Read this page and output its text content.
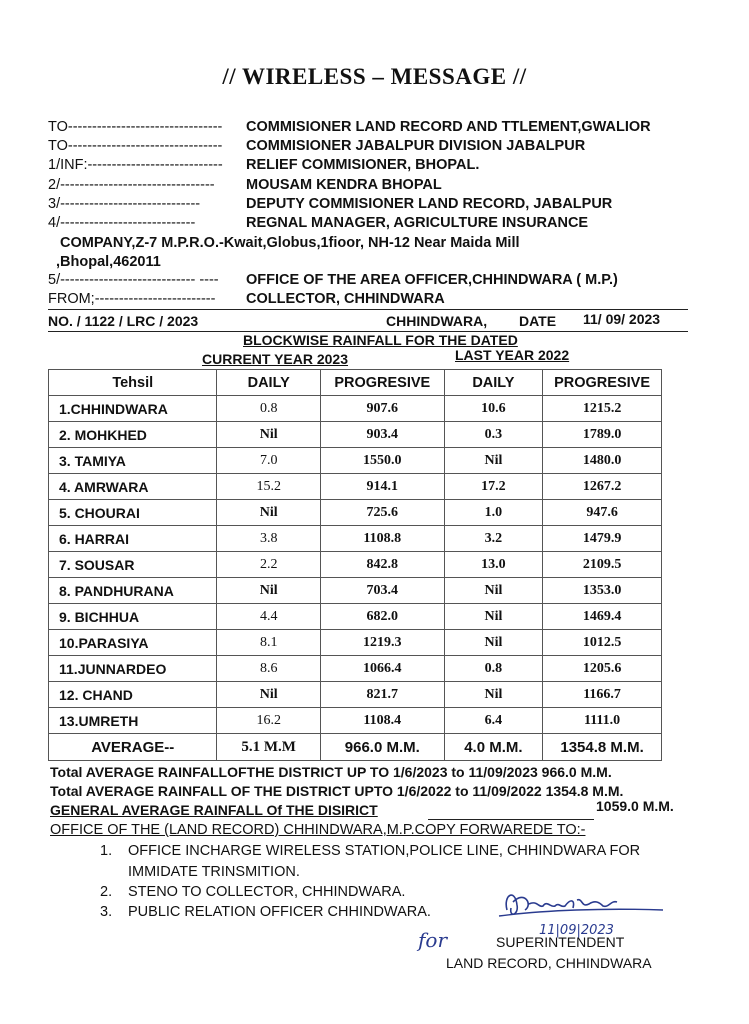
// WIRELESS – MESSAGE //
TO-------------------------------- COMMISIONER LAND RECORD AND TTLEMENT,GWALIOR
TO-------------------------------- COMMISIONER JABALPUR DIVISION JABALPUR
1/INF:---------------------------- RELIEF COMMISIONER, BHOPAL.
2/-------------------------------- MOUSAM KENDRA BHOPAL
3/-----------------------------	DEPUTY COMMISIONER LAND RECORD, JABALPUR
4/----------------------------	REGNAL MANAGER, AGRICULTURE INSURANCE
COMPANY,Z-7 M.P.R.O.-Kwait,Globus,1fioor, NH-12 Near Maida Mill
,Bhopal,462011
5/---------------------------- ---- OFFICE OF THE AREA OFFICER,CHHINDWARA ( M.P.)
FROM;------------------------- COLLECTOR, CHHINDWARA
NO. / 1122 / LRC / 2023	CHHINDWARA, DATE 11/ 09/ 2023
BLOCKWISE RAINFALL FOR THE DATED
CURRENT YEAR 2023	LAST YEAR 2022
Tehsil	DAILY	PROGRESIVE	DAILY	PROGRESIVE
1.CHHINDWARA	0.8	907.6	10.6	1215.2
2. MOHKHED	Nil	903.4	0.3	1789.0
3. TAMIYA	7.0	1550.0	Nil	1480.0
4. AMRWARA	15.2	914.1	17.2	1267.2
5. CHOURAI	Nil	725.6	1.0	947.6
6. HARRAI	3.8	1108.8	3.2	1479.9
7. SOUSAR	2.2	842.8	13.0	2109.5
8. PANDHURANA	Nil	703.4	Nil	1353.0
9. BICHHUA	4.4	682.0	Nil	1469.4
10.PARASIYA	8.1	1219.3	Nil	1012.5
11.JUNNARDEO	8.6	1066.4	0.8	1205.6
12. CHAND	Nil	821.7	Nil	1166.7
13.UMRETH	16.2	1108.4	6.4	1111.0
AVERAGE--	5.1 M.M	966.0 M.M.	4.0 M.M.	1354.8 M.M.
Total AVERAGE RAINFALLOFTHE DISTRICT UP TO 1/6/2023 to 11/09/2023 966.0 M.M.
Total AVERAGE RAINFALL OF THE DISTRICT UPTO 1/6/2022 to 11/09/2022 1354.8 M.M.
GENERAL AVERAGE RAINFALL Of THE DISIRICT	1059.0 M.M.
OFFICE OF THE (LAND RECORD) CHHINDWARA,M.P.COPY FORWAREDE TO:-
1. OFFICE INCHARGE WIRELESS STATION,POLICE LINE, CHHINDWARA FOR
IMMIDATE TRINSMITION.
2. STENO TO COLLECTOR, CHHINDWARA.
3. PUBLIC RELATION OFFICER CHHINDWARA.
11|09|2023
SUPERINTENDENT
for
LAND RECORD, CHHINDWARA
